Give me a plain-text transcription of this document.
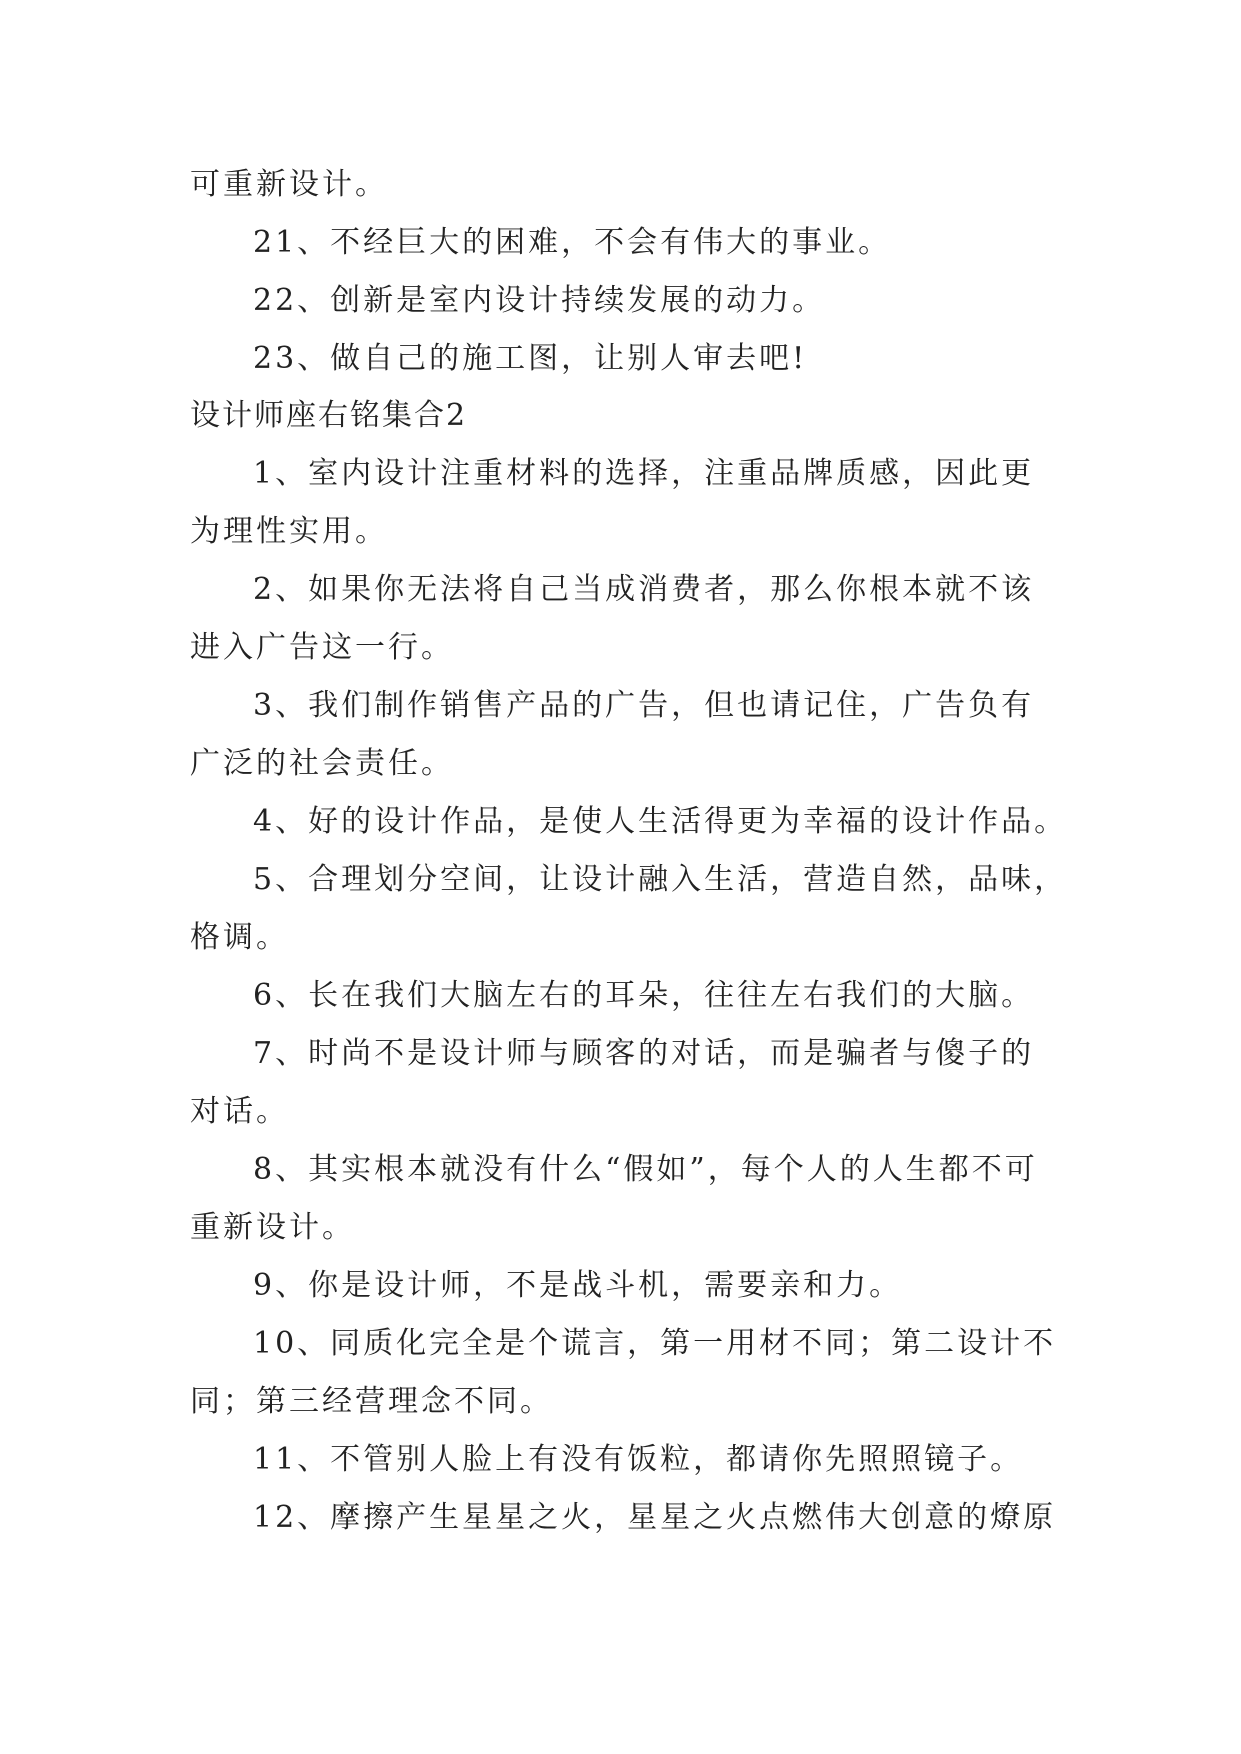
可重新设计。
21、不经巨大的困难，不会有伟大的事业。
22、创新是室内设计持续发展的动力。
23、做自己的施工图，让别人审去吧!
设计师座右铭集合2
1、室内设计注重材料的选择，注重品牌质感，因此更
为理性实用。
2、如果你无法将自己当成消费者，那么你根本就不该
进入广告这一行。
3、我们制作销售产品的广告，但也请记住，广告负有
广泛的社会责任。
4、好的设计作品，是使人生活得更为幸福的设计作品。
5、合理划分空间，让设计融入生活，营造自然，品味，
格调。
6、长在我们大脑左右的耳朵，往往左右我们的大脑。
7、时尚不是设计师与顾客的对话，而是骗者与傻子的
对话。
8、其实根本就没有什么“假如”，每个人的人生都不可
重新设计。
9、你是设计师，不是战斗机，需要亲和力。
10、同质化完全是个谎言，第一用材不同；第二设计不
同；第三经营理念不同。
11、不管别人脸上有没有饭粒，都请你先照照镜子。
12、摩擦产生星星之火，星星之火点燃伟大创意的燎原
